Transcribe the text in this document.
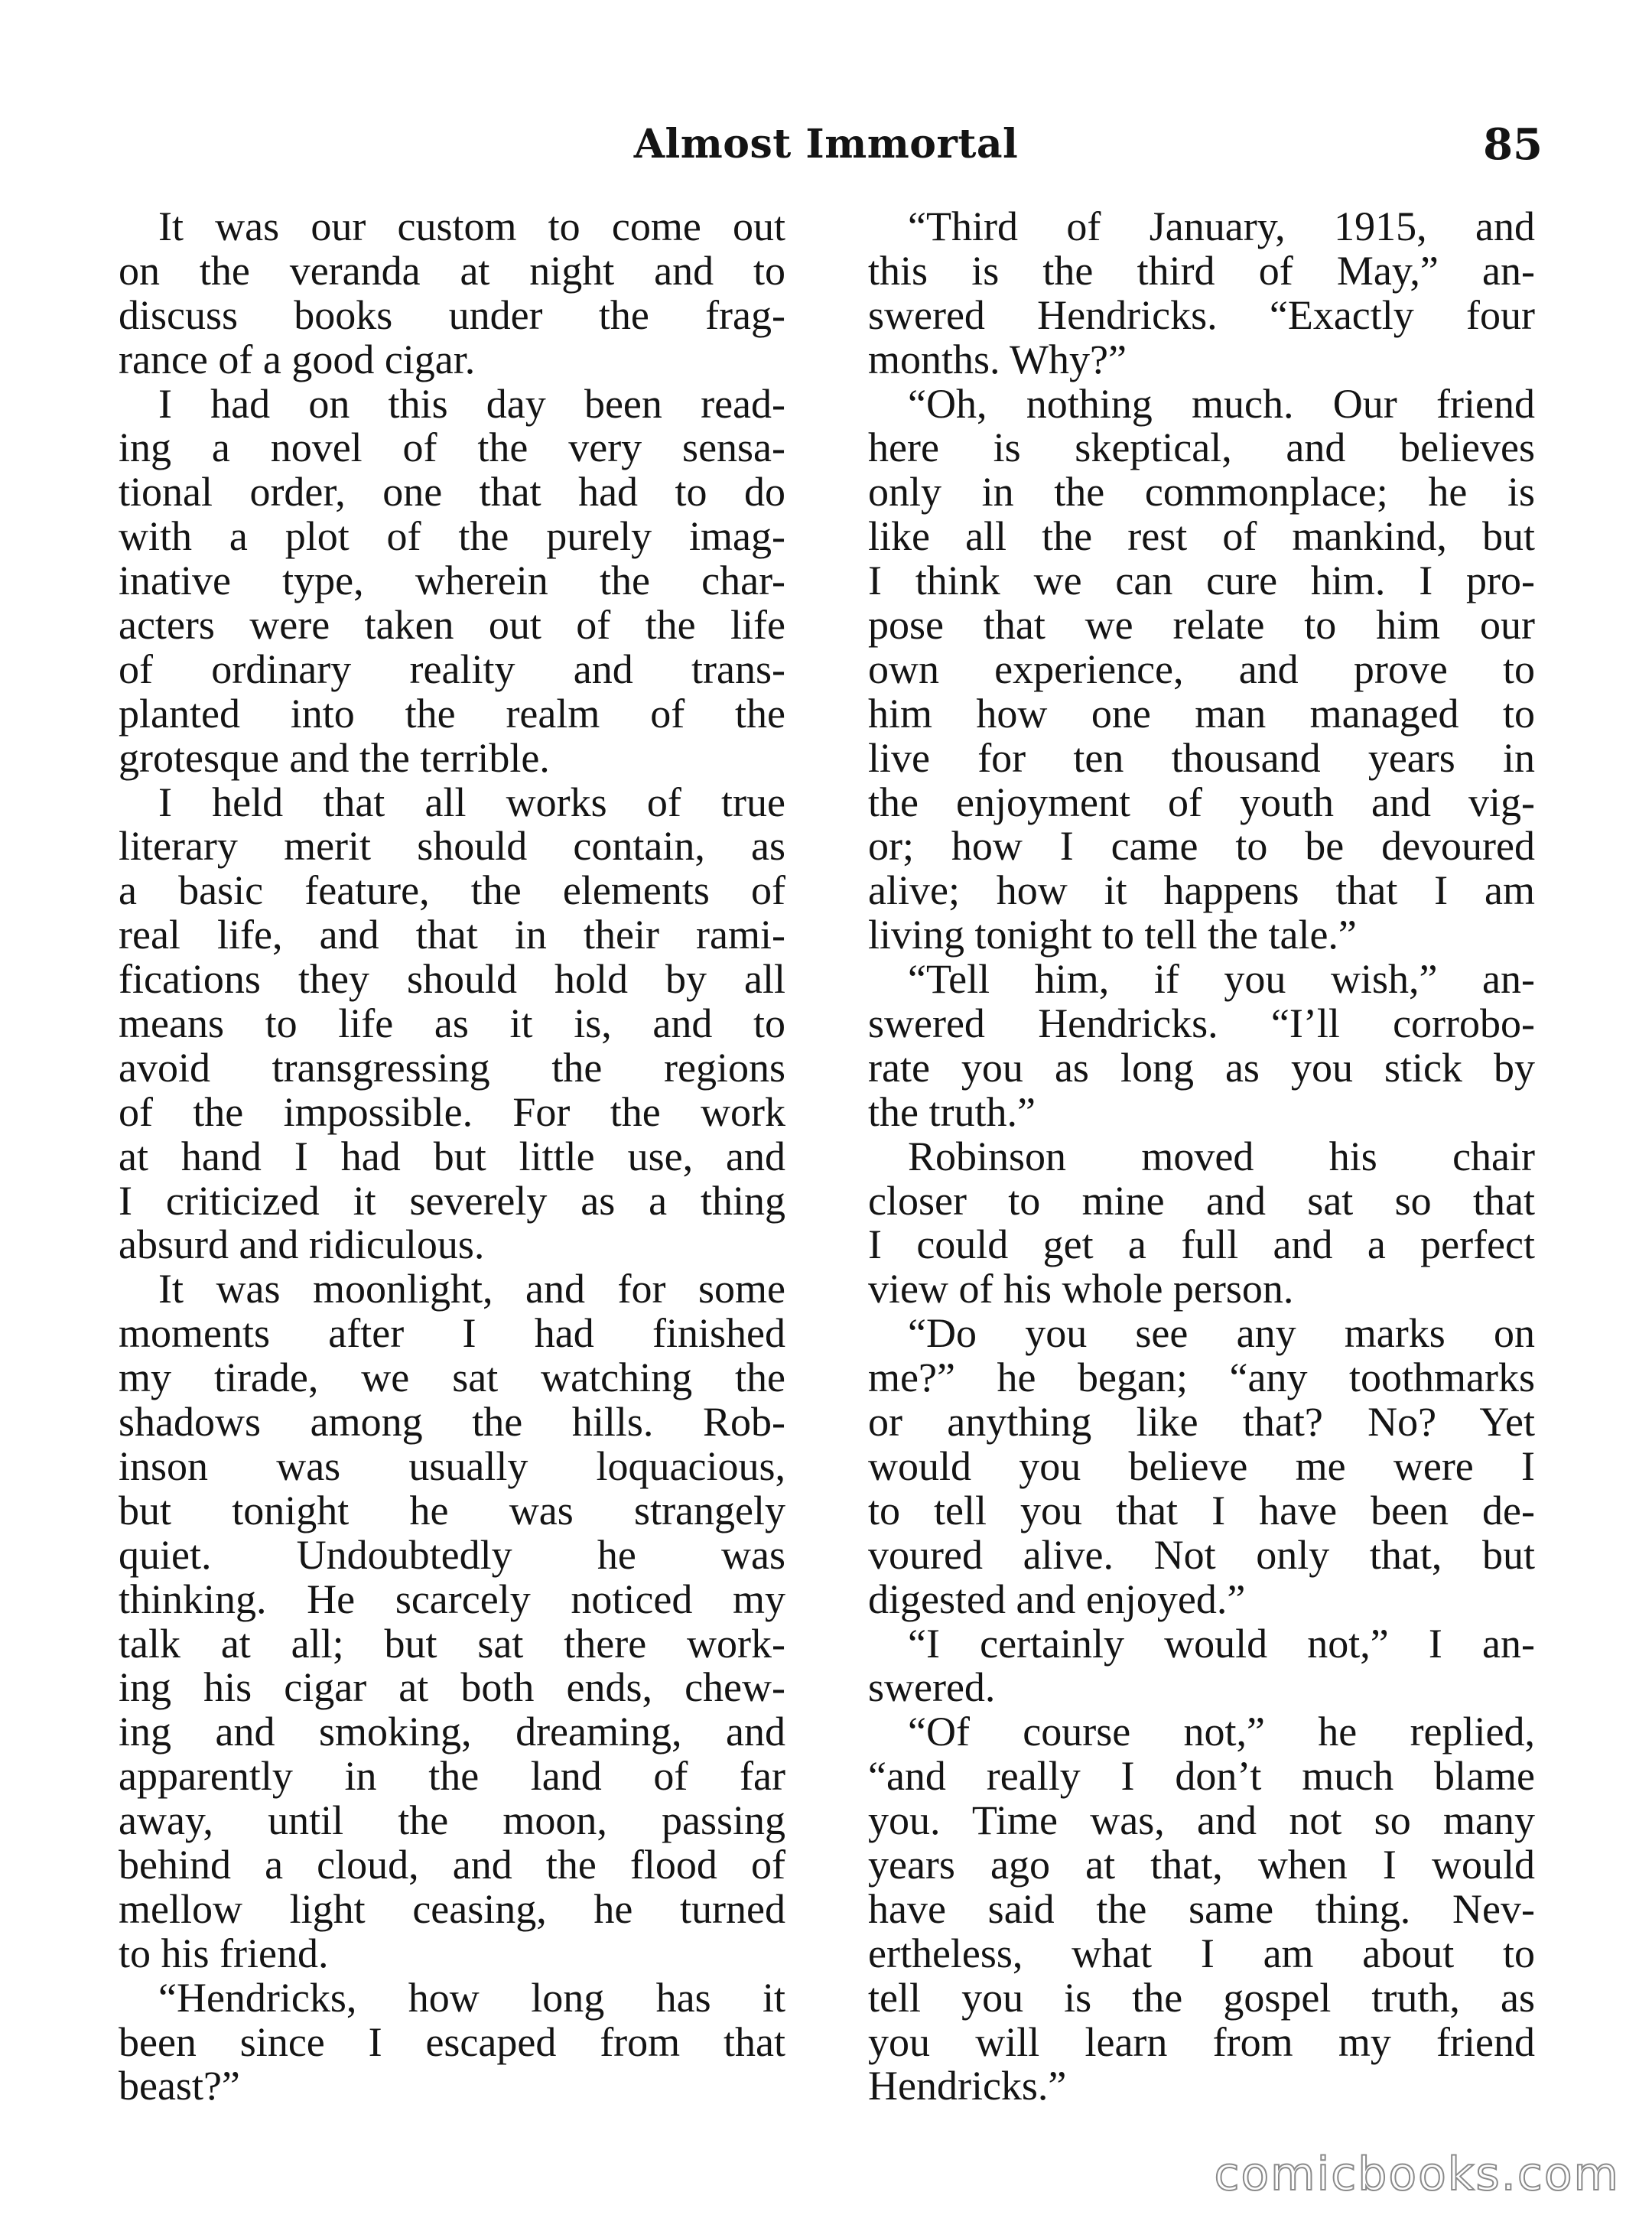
Almost Immortal	85
It was our custom to come out
on the veranda at night and to
discuss books under the frag-
rance of a good cigar.
I had on this day been read-
ing a novel of the very sensa-
tional order, one that had to do
with a plot of the purely imag-
inative type, wherein the char-
acters were taken out of the life
of ordinary reality and trans-
planted into the realm of the
grotesque and the terrible.
I held that all works of true
literary merit should contain, as
a basic feature, the elements of
real life, and that in their rami-
fications they should hold by all
means to life as it is, and to
avoid transgressing the regions
of the impossible. For the work
at hand I had but little use, and
I criticized it severely as a thing
absurd and ridiculous.
It was moonlight, and for some
moments after I had finished
my tirade, we sat watching the
shadows among the hills. Rob-
inson was usually loquacious,
but tonight he was strangely
quiet. Undoubtedly he was
thinking. He scarcely noticed my
talk at all; but sat there work-
ing his cigar at both ends, chew-
ing and smoking, dreaming, and
apparently in the land of far
away, until the moon, passing
behind a cloud, and the flood of
mellow light ceasing, he turned
to his friend.
“Hendricks, how long has it
been since I escaped from that
beast?”
“Third of January, 1915, and
this is the third of May,” an-
swered Hendricks. “Exactly four
months. Why?”
“Oh, nothing much. Our friend
here is skeptical, and believes
only in the commonplace; he is
like all the rest of mankind, but
I think we can cure him. I pro-
pose that we relate to him our
own experience, and prove to
him how one man managed to
live for ten thousand years in
the enjoyment of youth and vig-
or; how I came to be devoured
alive; how it happens that I am
living tonight to tell the tale.”
“Tell him, if you wish,” an-
swered Hendricks. “I’ll corrobo-
rate you as long as you stick by
the truth.”
Robinson moved his chair
closer to mine and sat so that
I could get a full and a perfect
view of his whole person.
“Do you see any marks on
me?” he began; “any toothmarks
or anything like that? No? Yet
would you believe me were I
to tell you that I have been de-
voured alive. Not only that, but
digested and enjoyed.”
“I certainly would not,” I an-
swered.
“Of course not,” he replied,
“and really I don’t much blame
you. Time was, and not so many
years ago at that, when I would
have said the same thing. Nev-
ertheless, what I am about to
tell you is the gospel truth, as
you will learn from my friend
Hendricks.”
comicbooks.com
